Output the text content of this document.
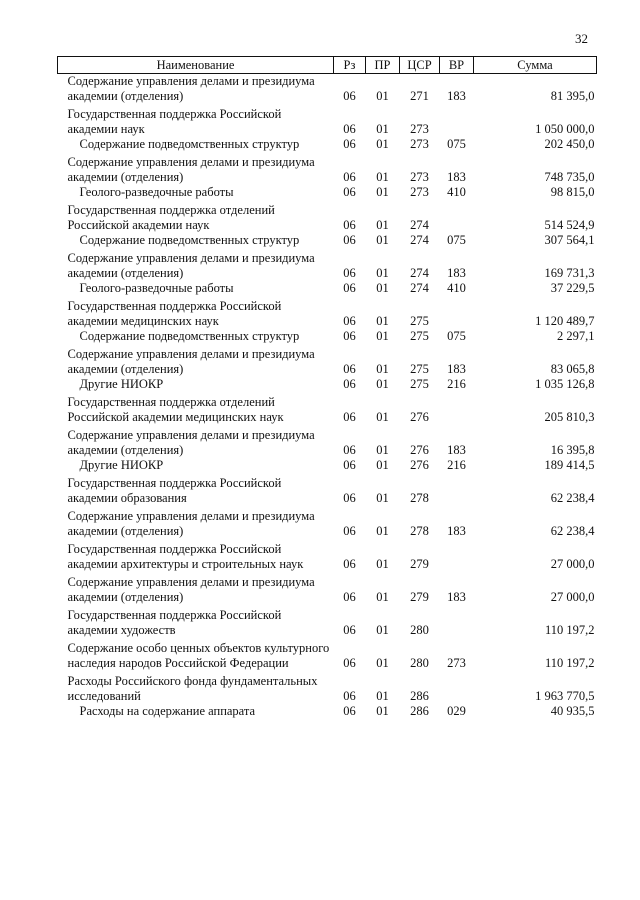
32
Наименование	Рз	ПР	ЦСР	ВР	Сумма
Содержание управления делами и президиума академии (отделения)	06	01	271	183	81 395,0
Государственная поддержка Российской академии наук	06	01	273		1 050 000,0
Содержание подведомственных структур	06	01	273	075	202 450,0
Содержание управления делами и президиума академии (отделения)	06	01	273	183	748 735,0
Геолого-разведочные работы	06	01	273	410	98 815,0
Государственная поддержка отделений Российской академии наук	06	01	274		514 524,9
Содержание подведомственных структур	06	01	274	075	307 564,1
Содержание управления делами и президиума академии (отделения)	06	01	274	183	169 731,3
Геолого-разведочные работы	06	01	274	410	37 229,5
Государственная поддержка Российской академии медицинских наук	06	01	275		1 120 489,7
Содержание подведомственных структур	06	01	275	075	2 297,1
Содержание управления делами и президиума академии (отделения)	06	01	275	183	83 065,8
Другие НИОКР	06	01	275	216	1 035 126,8
Государственная поддержка отделений Российской академии медицинских наук	06	01	276		205 810,3
Содержание управления делами и президиума академии (отделения)	06	01	276	183	16 395,8
Другие НИОКР	06	01	276	216	189 414,5
Государственная поддержка Российской академии образования	06	01	278		62 238,4
Содержание управления делами и президиума академии (отделения)	06	01	278	183	62 238,4
Государственная поддержка Российской академии архитектуры и строительных наук	06	01	279		27 000,0
Содержание управления делами и президиума академии (отделения)	06	01	279	183	27 000,0
Государственная поддержка Российской академии художеств	06	01	280		110 197,2
Содержание особо ценных объектов культурного наследия народов Российской Федерации	06	01	280	273	110 197,2
Расходы Российского фонда фундаментальных исследований	06	01	286		1 963 770,5
Расходы на содержание аппарата	06	01	286	029	40 935,5
